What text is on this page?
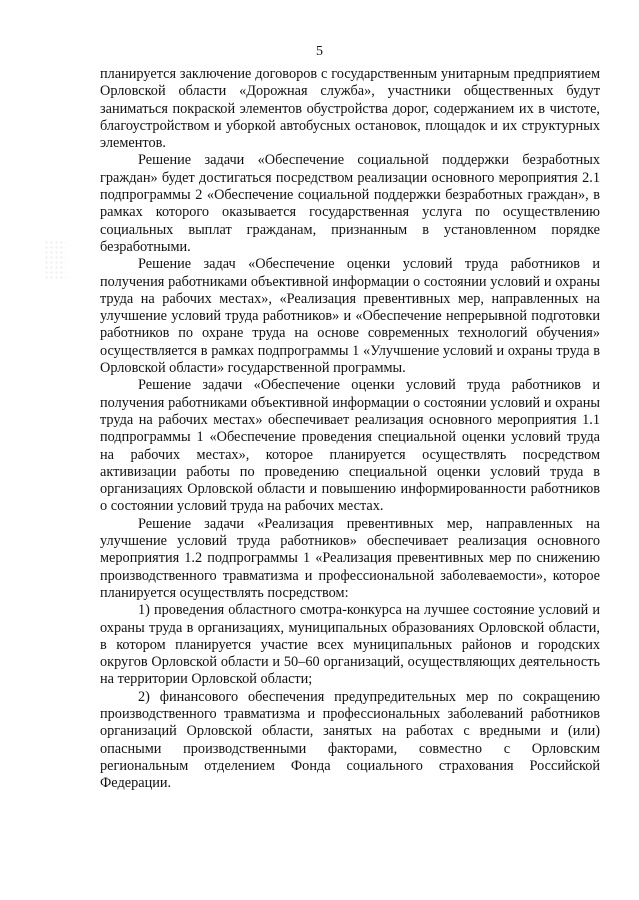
5

планируется заключение договоров с государственным унитарным предприятием Орловской области «Дорожная служба», участники общественных будут заниматься покраской элементов обустройства дорог, содержанием их в чистоте, благоустройством и уборкой автобусных остановок, площадок и их структурных элементов.

Решение задачи «Обеспечение социальной поддержки безработных граждан» будет достигаться посредством реализации основного мероприятия 2.1 подпрограммы 2 «Обеспечение социальной поддержки безработных граждан», в рамках которого оказывается государственная услуга по осуществлению социальных выплат гражданам, признанным в установленном порядке безработными.

Решение задач «Обеспечение оценки условий труда работников и получения работниками объективной информации о состоянии условий и охраны труда на рабочих местах», «Реализация превентивных мер, направленных на улучшение условий труда работников» и «Обеспечение непрерывной подготовки работников по охране труда на основе современных технологий обучения» осуществляется в рамках подпрограммы 1 «Улучшение условий и охраны труда в Орловской области» государственной программы.

Решение задачи «Обеспечение оценки условий труда работников и получения работниками объективной информации о состоянии условий и охраны труда на рабочих местах» обеспечивает реализация основного мероприятия 1.1 подпрограммы 1 «Обеспечение проведения специальной оценки условий труда на рабочих местах», которое планируется осуществлять посредством активизации работы по проведению специальной оценки условий труда в организациях Орловской области и повышению информированности работников о состоянии условий труда на рабочих местах.

Решение задачи «Реализация превентивных мер, направленных на улучшение условий труда работников» обеспечивает реализация основного мероприятия 1.2 подпрограммы 1 «Реализация превентивных мер по снижению производственного травматизма и профессиональной заболеваемости», которое планируется осуществлять посредством:

1) проведения областного смотра-конкурса на лучшее состояние условий и охраны труда в организациях, муниципальных образованиях Орловской области, в котором планируется участие всех муниципальных районов и городских округов Орловской области и 50–60 организаций, осуществляющих деятельность на территории Орловской области;

2) финансового обеспечения предупредительных мер по сокращению производственного травматизма и профессиональных заболеваний работников организаций Орловской области, занятых на работах с вредными и (или) опасными производственными факторами, совместно с Орловским региональным отделением Фонда социального страхования Российской Федерации.
